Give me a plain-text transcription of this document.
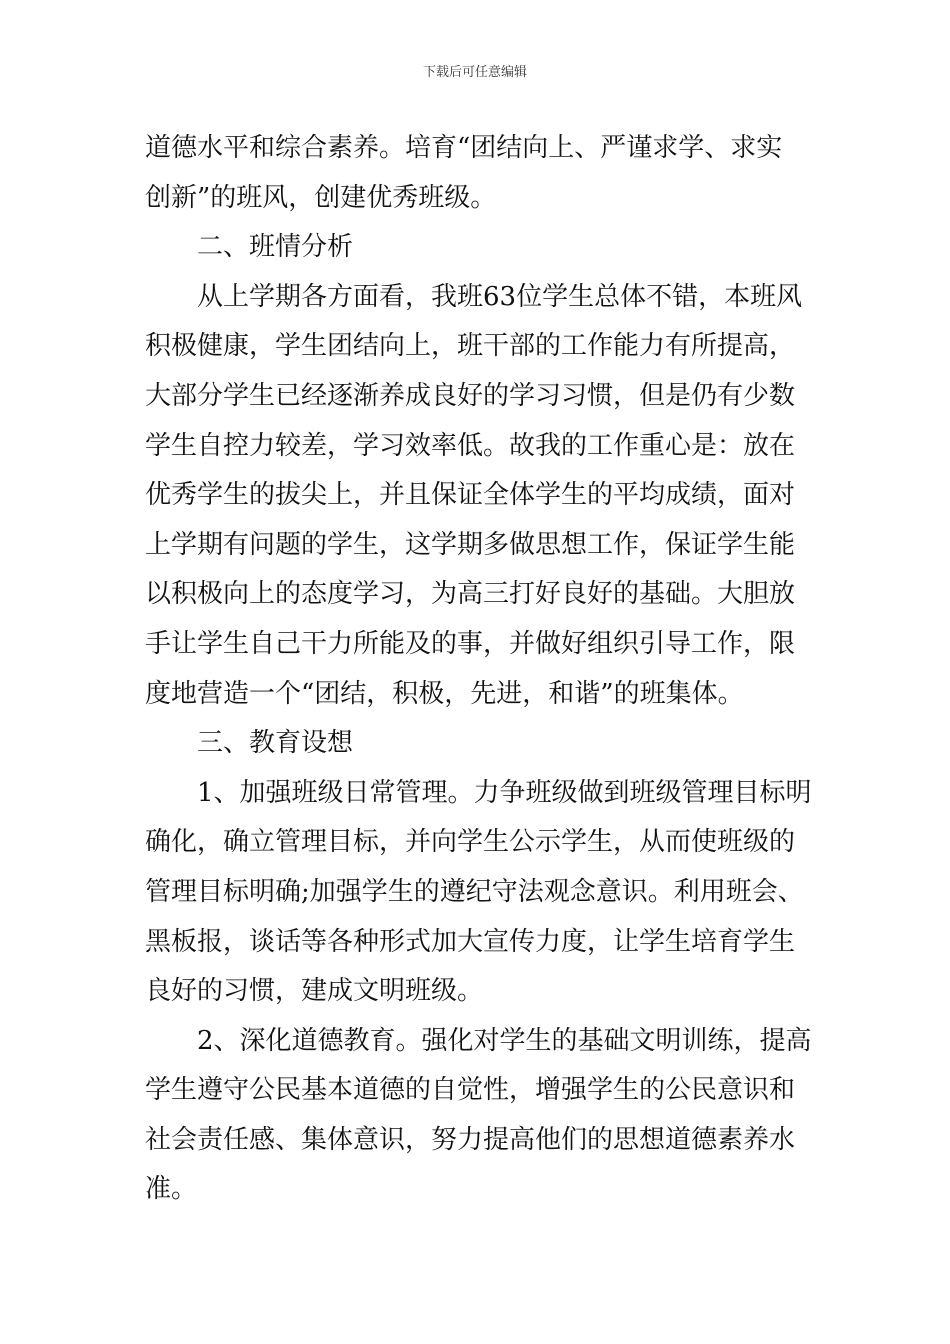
下载后可任意编辑
道德水平和综合素养。培育“团结向上、严谨求学、求实
创新”的班风，创建优秀班级。
二、班情分析
从上学期各方面看，我班63位学生总体不错，本班风
积极健康，学生团结向上，班干部的工作能力有所提高，
大部分学生已经逐渐养成良好的学习习惯，但是仍有少数
学生自控力较差，学习效率低。故我的工作重心是：放在
优秀学生的拔尖上，并且保证全体学生的平均成绩，面对
上学期有问题的学生，这学期多做思想工作，保证学生能
以积极向上的态度学习，为高三打好良好的基础。大胆放
手让学生自己干力所能及的事，并做好组织引导工作，限
度地营造一个“团结，积极，先进，和谐”的班集体。
三、教育设想
1、加强班级日常管理。力争班级做到班级管理目标明
确化，确立管理目标，并向学生公示学生，从而使班级的
管理目标明确;加强学生的遵纪守法观念意识。利用班会、
黑板报，谈话等各种形式加大宣传力度，让学生培育学生
良好的习惯，建成文明班级。
2、深化道德教育。强化对学生的基础文明训练，提高
学生遵守公民基本道德的自觉性，增强学生的公民意识和
社会责任感、集体意识，努力提高他们的思想道德素养水
准。
